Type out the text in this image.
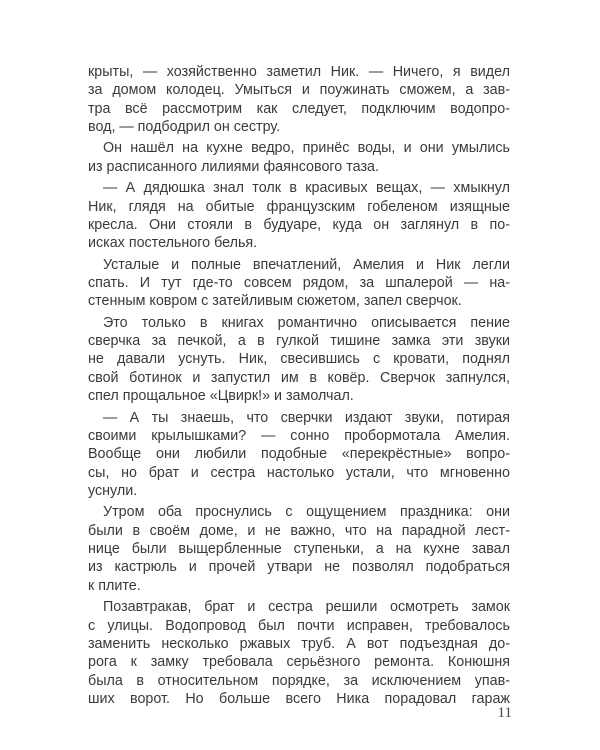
крыты, — хозяйственно заметил Ник. — Ничего, я видел
за домом колодец. Умыться и поужинать сможем, а зав-
тра всё рассмотрим как следует, подключим водопро-
вод, — подбодрил он сестру.
Он нашёл на кухне ведро, принёс воды, и они умылись
из расписанного лилиями фаянсового таза.
— А дядюшка знал толк в красивых вещах, — хмыкнул
Ник, глядя на обитые французским гобеленом изящные
кресла. Они стояли в будуаре, куда он заглянул в по-
исках постельного белья.
Усталые и полные впечатлений, Амелия и Ник легли
спать. И тут где-то совсем рядом, за шпалерой — на-
стенным ковром с затейливым сюжетом, запел сверчок.
Это только в книгах романтично описывается пение
сверчка за печкой, а в гулкой тишине замка эти звуки
не давали уснуть. Ник, свесившись с кровати, поднял
свой ботинок и запустил им в ковёр. Сверчок запнулся,
спел прощальное «Цвирк!» и замолчал.
— А ты знаешь, что сверчки издают звуки, потирая
своими крылышками? — сонно пробормотала Амелия.
Вообще они любили подобные «перекрёстные» вопро-
сы, но брат и сестра настолько устали, что мгновенно
уснули.
Утром оба проснулись с ощущением праздника: они
были в своём доме, и не важно, что на парадной лест-
нице были выщербленные ступеньки, а на кухне завал
из кастрюль и прочей утвари не позволял подобраться
к плите.
Позавтракав, брат и сестра решили осмотреть замок
с улицы. Водопровод был почти исправен, требовалось
заменить несколько ржавых труб. А вот подъездная до-
рога к замку требовала серьёзного ремонта. Конюшня
была в относительном порядке, за исключением упав-
ших ворот. Но больше всего Ника порадовал гараж
11
